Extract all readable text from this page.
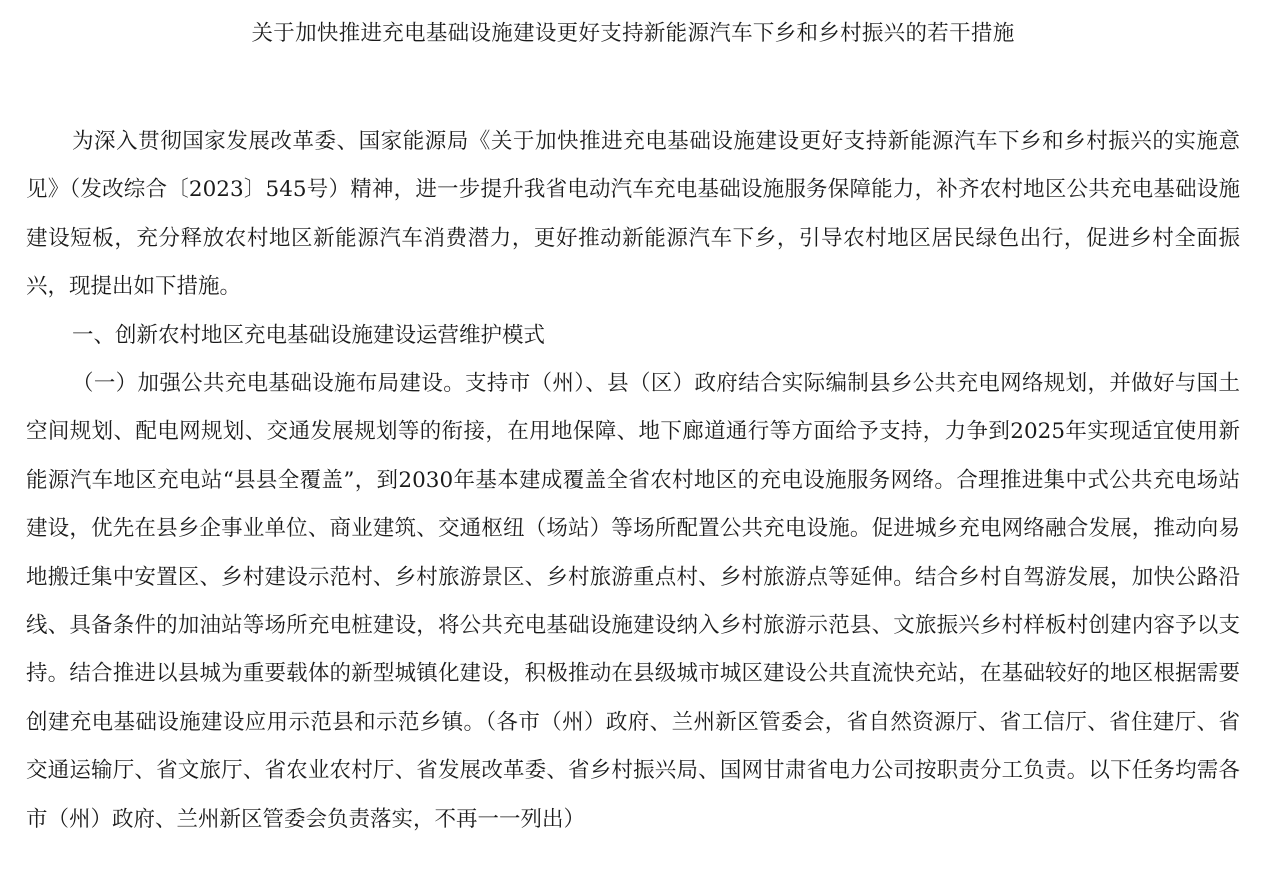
关于加快推进充电基础设施建设更好支持新能源汽车下乡和乡村振兴的若干措施

为深入贯彻国家发展改革委、国家能源局《关于加快推进充电基础设施建设更好支持新能源汽车下乡和乡村振兴的实施意见》（发改综合〔2023〕545号）精神，进一步提升我省电动汽车充电基础设施服务保障能力，补齐农村地区公共充电基础设施建设短板，充分释放农村地区新能源汽车消费潜力，更好推动新能源汽车下乡，引导农村地区居民绿色出行，促进乡村全面振兴，现提出如下措施。

一、创新农村地区充电基础设施建设运营维护模式

（一）加强公共充电基础设施布局建设。支持市（州）、县（区）政府结合实际编制县乡公共充电网络规划，并做好与国土空间规划、配电网规划、交通发展规划等的衔接，在用地保障、地下廊道通行等方面给予支持，力争到2025年实现适宜使用新能源汽车地区充电站“县县全覆盖”，到2030年基本建成覆盖全省农村地区的充电设施服务网络。合理推进集中式公共充电场站建设，优先在县乡企事业单位、商业建筑、交通枢纽（场站）等场所配置公共充电设施。促进城乡充电网络融合发展，推动向易地搬迁集中安置区、乡村建设示范村、乡村旅游景区、乡村旅游重点村、乡村旅游点等延伸。结合乡村自驾游发展，加快公路沿线、具备条件的加油站等场所充电桩建设，将公共充电基础设施建设纳入乡村旅游示范县、文旅振兴乡村样板村创建内容予以支持。结合推进以县城为重要载体的新型城镇化建设，积极推动在县级城市城区建设公共直流快充站，在基础较好的地区根据需要创建充电基础设施建设应用示范县和示范乡镇。（各市（州）政府、兰州新区管委会，省自然资源厅、省工信厅、省住建厅、省交通运输厅、省文旅厅、省农业农村厅、省发展改革委、省乡村振兴局、国网甘肃省电力公司按职责分工负责。以下任务均需各市（州）政府、兰州新区管委会负责落实，不再一一列出）
